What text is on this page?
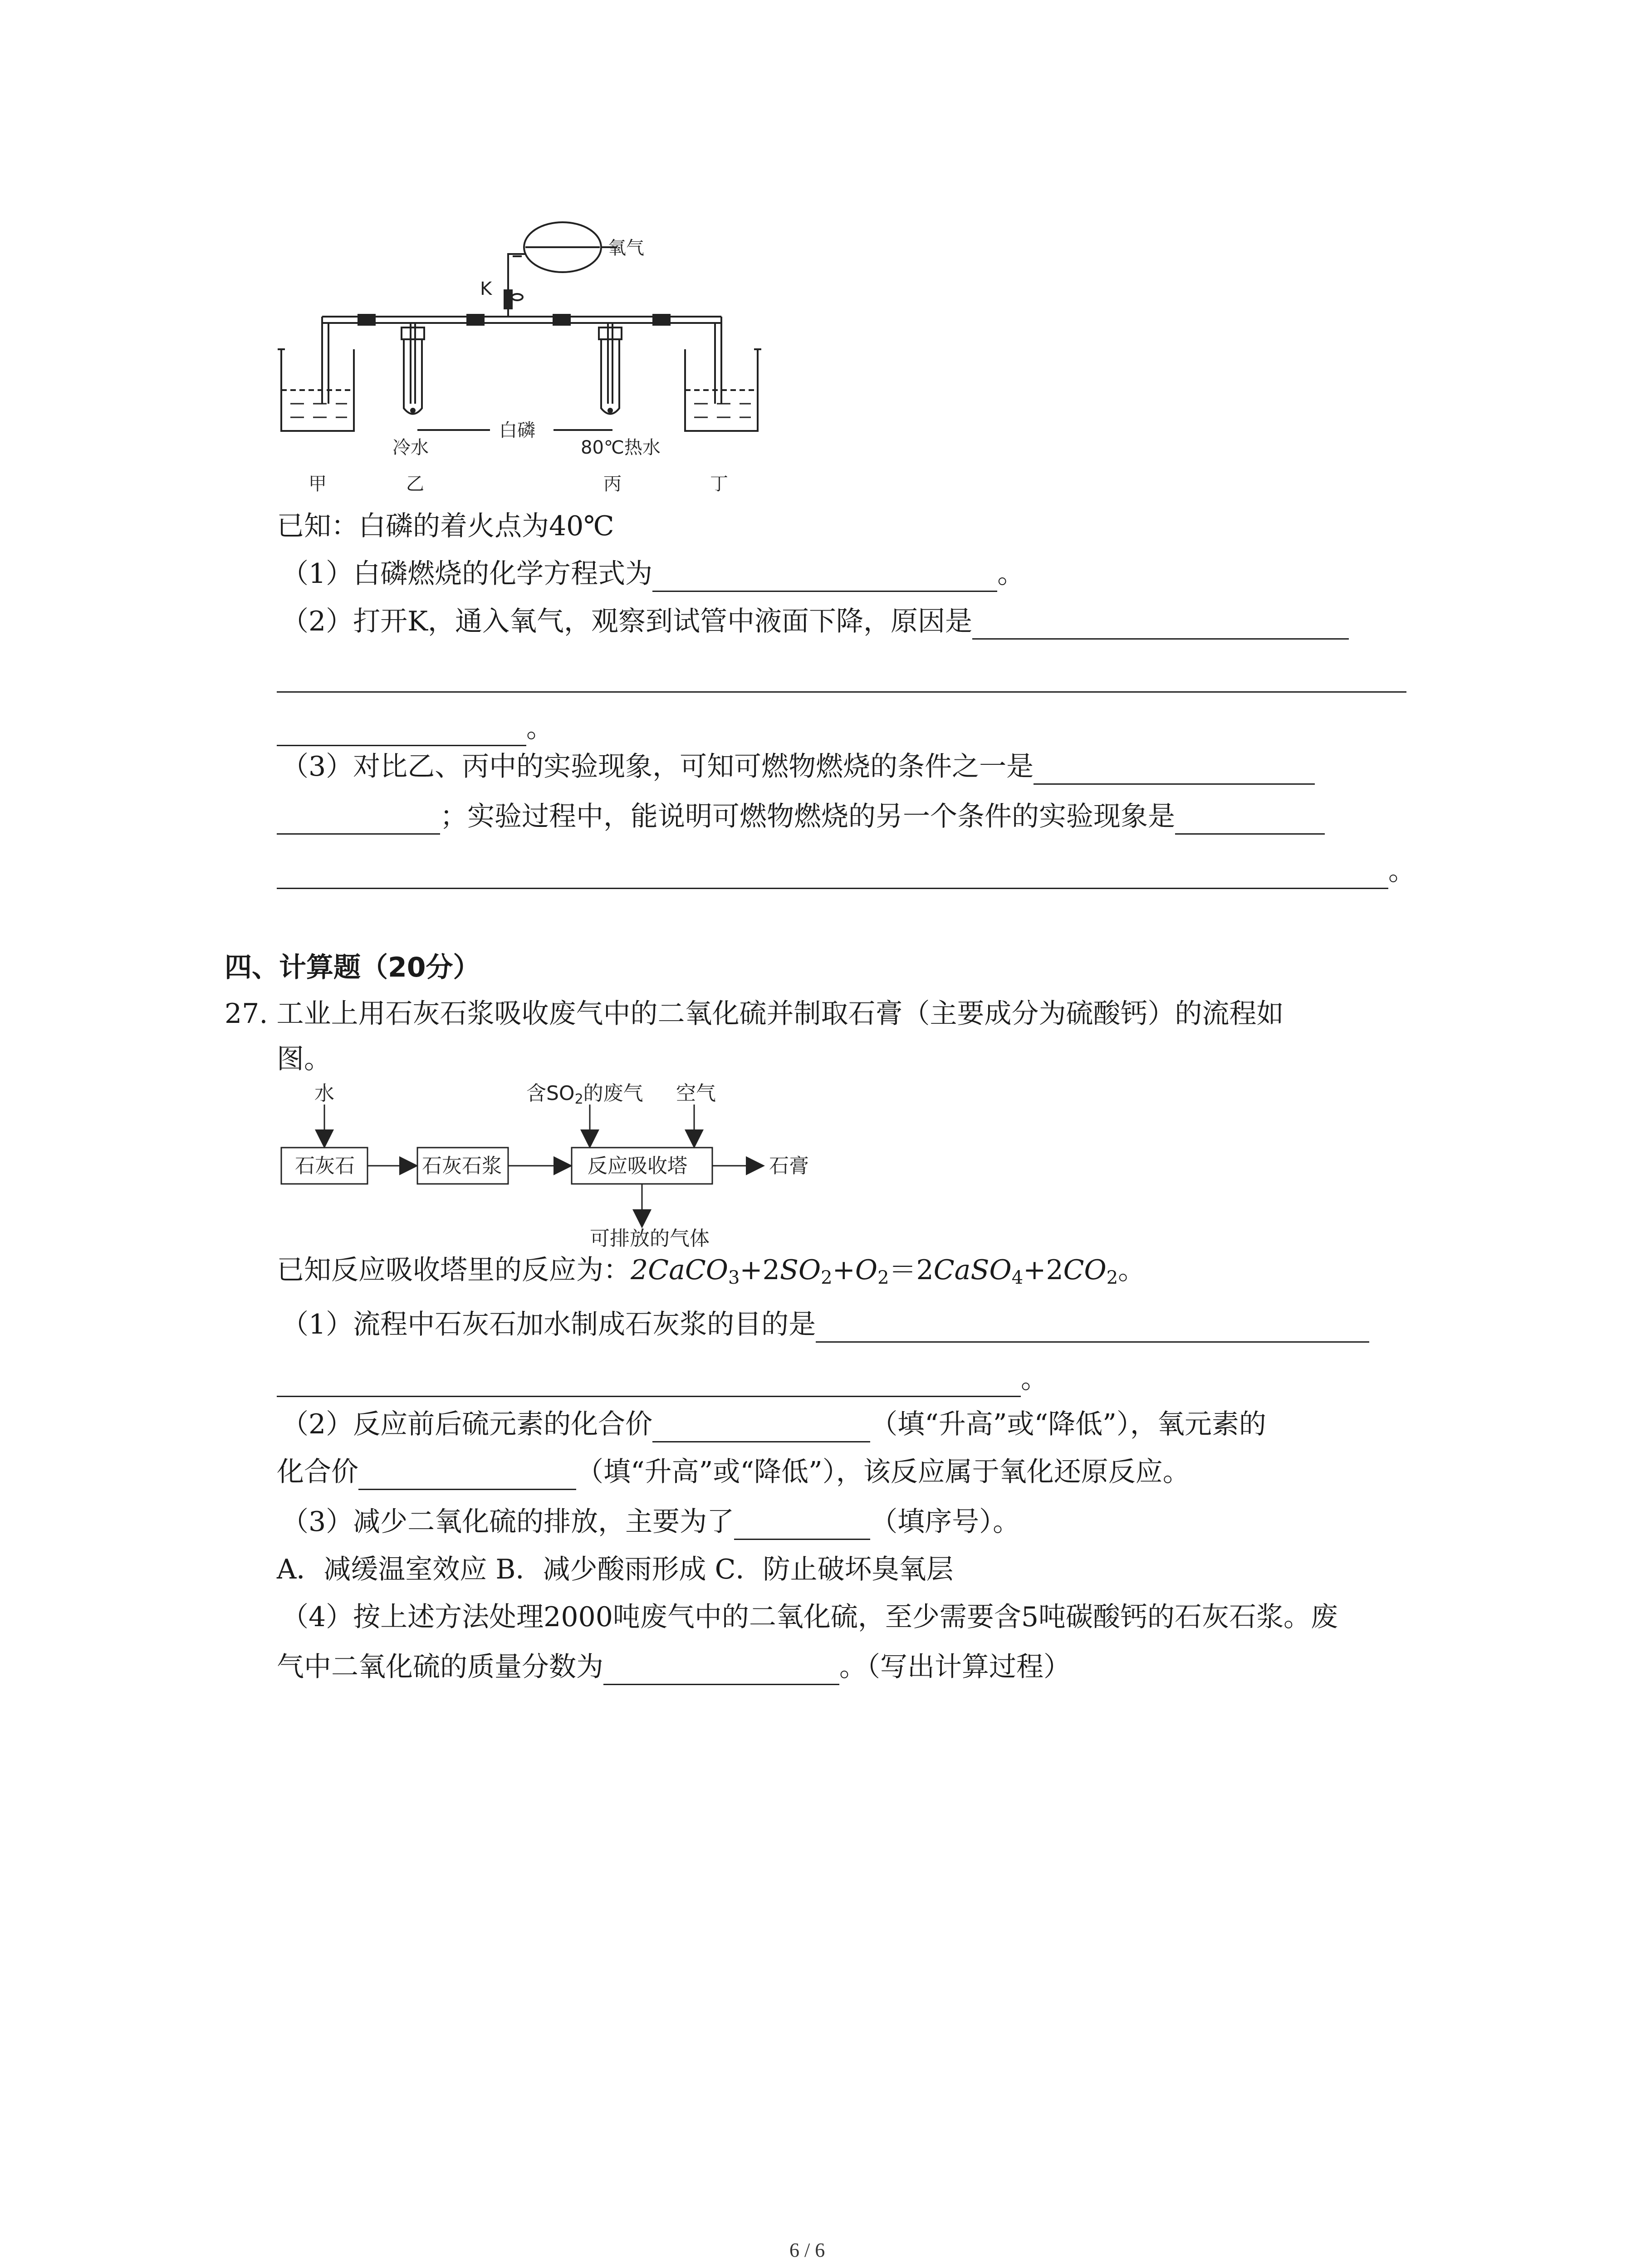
氧气
K
白磷
冷水	80℃热水
甲	乙	丙	丁
已知：白磷的着火点为40℃
（1）白磷燃烧的化学方程式为	。
（2）打开K，通入氧气，观察到试管中液面下降，原因是
。
（3）对比乙、丙中的实验现象，可知可燃物燃烧的条件之一是
；实验过程中，能说明可燃物燃烧的另一个条件的实验现象是
。
四、计算题（20分）
27. 工业上用石灰石浆吸收废气中的二氧化硫并制取石膏（主要成分为硫酸钙）的流程如
图。
水
石灰石	石灰石浆	反应吸收塔	石膏
含SO2的废气 空气
可排放的气体
已知反应吸收塔里的反应为：$2CaCO_3+2SO_2+O_2=2CaSO_4+2CO_2$。
（1）流程中石灰石加水制成石灰浆的目的是
。
（2）反应前后硫元素的化合价	（填“升高”或“降低”），氧元素的
化合价	（填“升高”或“降低”），该反应属于氧化还原反应。
（3）减少二氧化硫的排放，主要为了	（填序号）。
A．减缓温室效应 B．减少酸雨形成 C．防止破坏臭氧层
（4）按上述方法处理2000吨废气中的二氧化硫，至少需要含5吨碳酸钙的石灰石浆。废
气中二氧化硫的质量分数为	。（写出计算过程）
6 / 6
